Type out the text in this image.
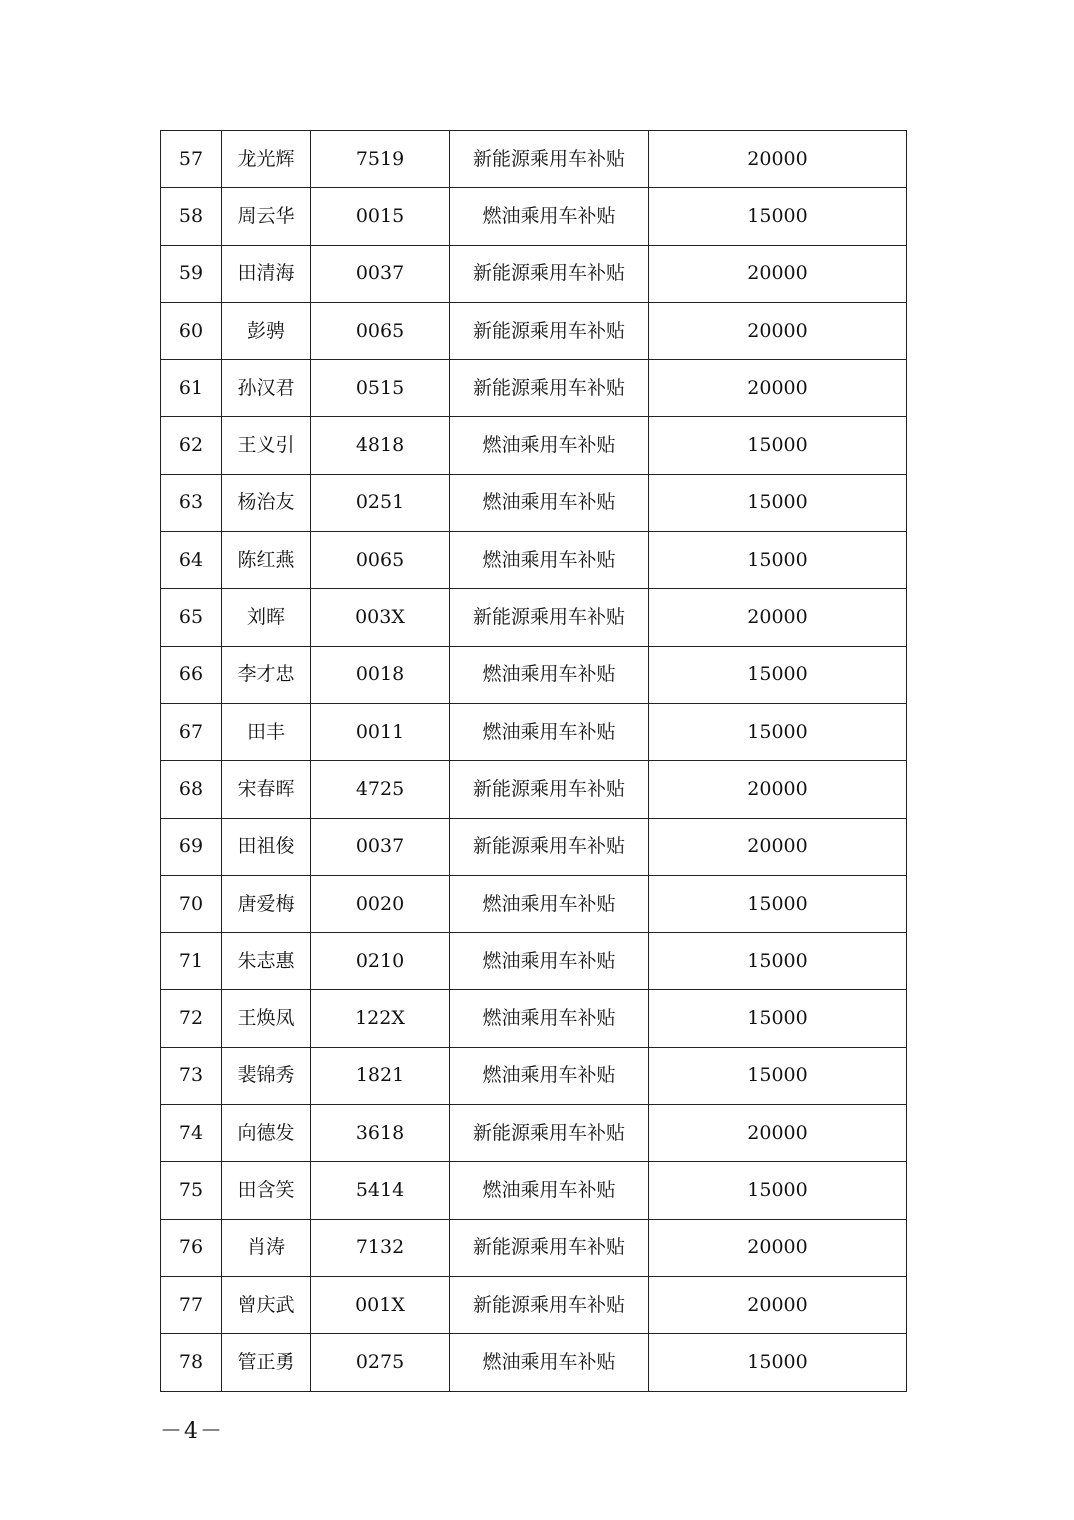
57	龙光辉	7519	新能源乘用车补贴	20000
58	周云华	0015	燃油乘用车补贴	15000
59	田清海	0037	新能源乘用车补贴	20000
60	彭骋	0065	新能源乘用车补贴	20000
61	孙汉君	0515	新能源乘用车补贴	20000
62	王义引	4818	燃油乘用车补贴	15000
63	杨治友	0251	燃油乘用车补贴	15000
64	陈红燕	0065	燃油乘用车补贴	15000
65	刘晖	003X	新能源乘用车补贴	20000
66	李才忠	0018	燃油乘用车补贴	15000
67	田丰	0011	燃油乘用车补贴	15000
68	宋春晖	4725	新能源乘用车补贴	20000
69	田祖俊	0037	新能源乘用车补贴	20000
70	唐爱梅	0020	燃油乘用车补贴	15000
71	朱志惠	0210	燃油乘用车补贴	15000
72	王焕凤	122X	燃油乘用车补贴	15000
73	裴锦秀	1821	燃油乘用车补贴	15000
74	向德发	3618	新能源乘用车补贴	20000
75	田含笑	5414	燃油乘用车补贴	15000
76	肖涛	7132	新能源乘用车补贴	20000
77	曾庆武	001X	新能源乘用车补贴	20000
78	管正勇	0275	燃油乘用车补贴	15000
－4－
